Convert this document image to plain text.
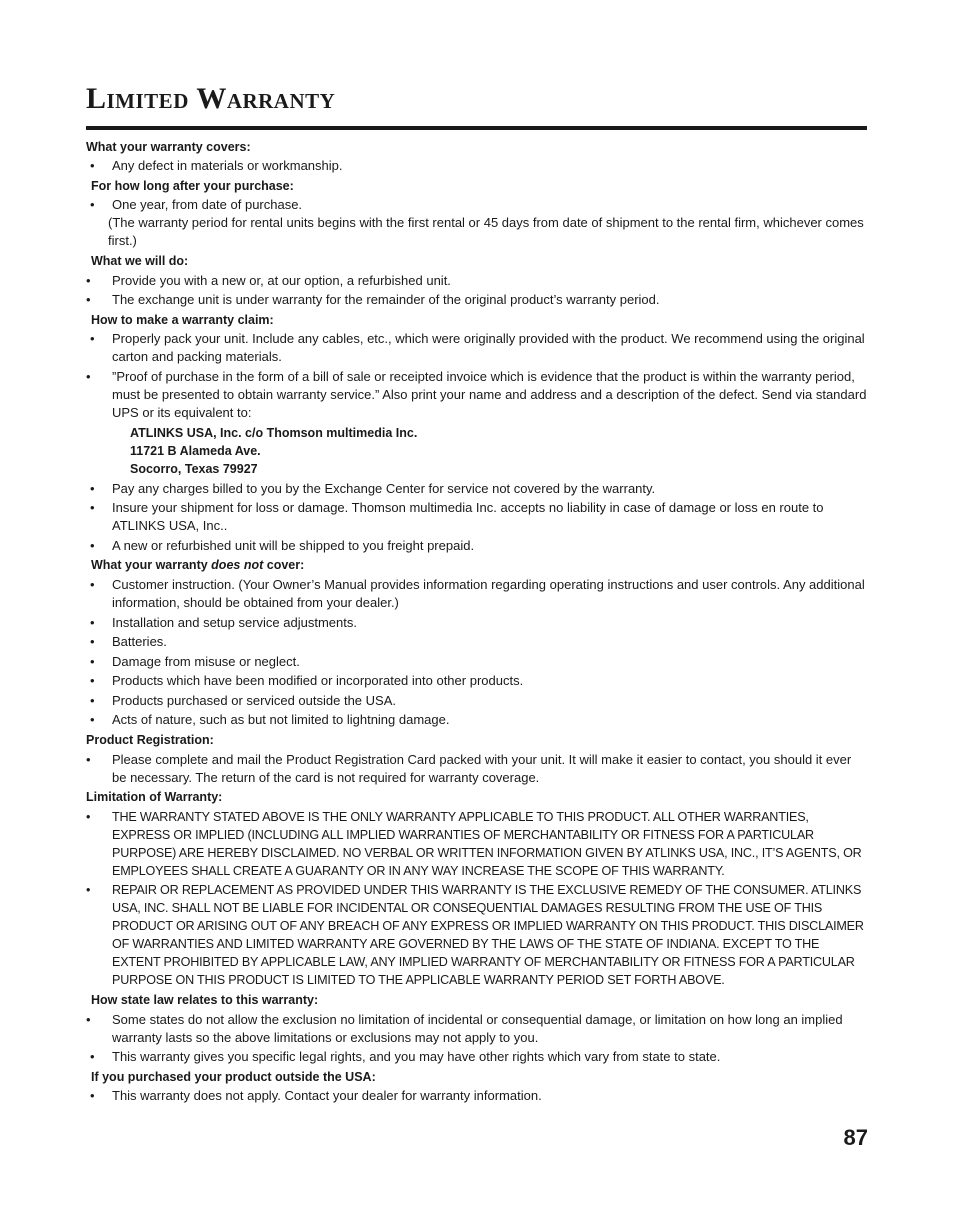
Limited Warranty
What your warranty covers:
• Any defect in materials or workmanship.
For how long after your purchase:
• One year, from date of purchase.
(The warranty period for rental units begins with the first rental or 45 days from date of shipment to the rental firm, whichever comes first.)
What we will do:
• Provide you with a new or, at our option, a refurbished unit.
• The exchange unit is under warranty for the remainder of the original product’s warranty period.
How to make a warranty claim:
• Properly pack your unit. Include any cables, etc., which were originally provided with the product. We recommend using the original carton and packing materials.
• ”Proof of purchase in the form of a bill of sale or receipted invoice which is evidence that the product is within the warranty period, must be presented to obtain warranty service.” Also print your name and address and a description of the defect. Send via standard UPS or its equivalent to:
ATLINKS USA, Inc. c/o Thomson multimedia Inc.
11721 B Alameda Ave.
Socorro, Texas 79927
• Pay any charges billed to you by the Exchange Center for service not covered by the warranty.
• Insure your shipment for loss or damage. Thomson multimedia Inc. accepts no liability in case of damage or loss en route to ATLINKS USA, Inc..
• A new or refurbished unit will be shipped to you freight prepaid.
What your warranty does not cover:
• Customer instruction. (Your Owner’s Manual provides information regarding operating instructions and user controls. Any additional information, should be obtained from your dealer.)
• Installation and setup service adjustments.
• Batteries.
• Damage from misuse or neglect.
• Products which have been modified or incorporated into other products.
• Products purchased or serviced outside the USA.
• Acts of nature, such as but not limited to lightning damage.
Product Registration:
• Please complete and mail the Product Registration Card packed with your unit. It will make it easier to contact, you should it ever be necessary. The return of the card is not required for warranty coverage.
Limitation of Warranty:
• THE WARRANTY STATED ABOVE IS THE ONLY WARRANTY APPLICABLE TO THIS PRODUCT. ALL OTHER WARRANTIES, EXPRESS OR IMPLIED (INCLUDING ALL IMPLIED WARRANTIES OF MERCHANTABILITY OR FITNESS FOR A PARTICULAR PURPOSE) ARE HEREBY DISCLAIMED. NO VERBAL OR WRITTEN INFORMATION GIVEN BY ATLINKS USA, INC., IT’S AGENTS, OR EMPLOYEES SHALL CREATE A GUARANTY OR IN ANY WAY INCREASE THE SCOPE OF THIS WARRANTY.
• REPAIR OR REPLACEMENT AS PROVIDED UNDER THIS WARRANTY IS THE EXCLUSIVE REMEDY OF THE CONSUMER. ATLINKS USA, INC. SHALL NOT BE LIABLE FOR INCIDENTAL OR CONSEQUENTIAL DAMAGES RESULTING FROM THE USE OF THIS PRODUCT OR ARISING OUT OF ANY BREACH OF ANY EXPRESS OR IMPLIED WARRANTY ON THIS PRODUCT. THIS DISCLAIMER OF WARRANTIES AND LIMITED WARRANTY ARE GOVERNED BY THE LAWS OF THE STATE OF INDIANA. EXCEPT TO THE EXTENT PROHIBITED BY APPLICABLE LAW, ANY IMPLIED WARRANTY OF MERCHANTABILITY OR FITNESS FOR A PARTICULAR PURPOSE ON THIS PRODUCT IS LIMITED TO THE APPLICABLE WARRANTY PERIOD SET FORTH ABOVE.
How state law relates to this warranty:
• Some states do not allow the exclusion no limitation of incidental or consequential damage, or limitation on how long an implied warranty lasts so the above limitations or exclusions may not apply to you.
• This warranty gives you specific legal rights, and you may have other rights which vary from state to state.
If you purchased your product outside the USA:
• This warranty does not apply. Contact your dealer for warranty information.
87
